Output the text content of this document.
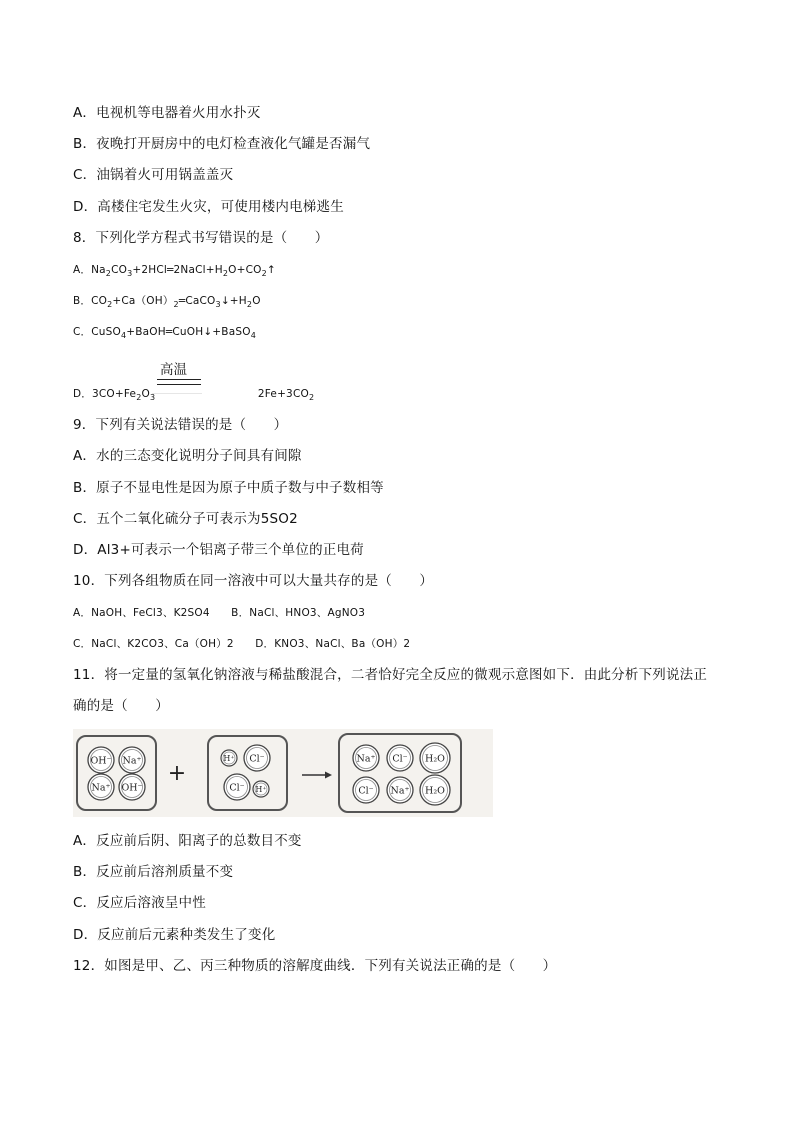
A．电视机等电器着火用水扑灭
B．夜晚打开厨房中的电灯检查液化气罐是否漏气
C．油锅着火可用锅盖盖灭
D．高楼住宅发生火灾，可使用楼内电梯逃生
8．下列化学方程式书写错误的是（　　）
A．$Na_2CO_3+2HCl═2NaCl+H_2O+CO_2↑$
B．$CO_2+Ca(OH)_2═CaCO_3↓+H_2O$
C．CuSO$_4$+BaOH═CuOH↓+BaSO$_4$
高温
D．$3CO+Fe_2O_3$                             $2Fe+3CO_2$
9．下列有关说法错误的是（　　）
A．水的三态变化说明分子间具有间隙
B．原子不显电性是因为原子中质子数与中子数相等
C．五个二氧化硫分子可表示为5SO2
D．Al3+可表示一个铝离子带三个单位的正电荷
10．下列各组物质在同一溶液中可以大量共存的是（　　）
A．NaOH、FeCl3、K2SO4　　B．NaCl、HNO3、AgNO3
C．NaCl、K2CO3、Ca（OH）2　　D．KNO3、NaCl、Ba（OH）2
11．将一定量的氢氧化钠溶液与稀盐酸混合，二者恰好完全反应的微观示意图如下．由此分析下列说法正
确的是（　　）
OH⁻ Na⁺
Na⁺ OH⁻
+
H⁺ Cl⁻
Cl⁻ H⁺
Na⁺ Cl⁻ H₂O
Cl⁻ Na⁺ H₂O
A．反应前后阴、阳离子的总数目不变
B．反应前后溶剂质量不变
C．反应后溶液呈中性
D．反应前后元素种类发生了变化
12．如图是甲、乙、丙三种物质的溶解度曲线．下列有关说法正确的是（　　）
